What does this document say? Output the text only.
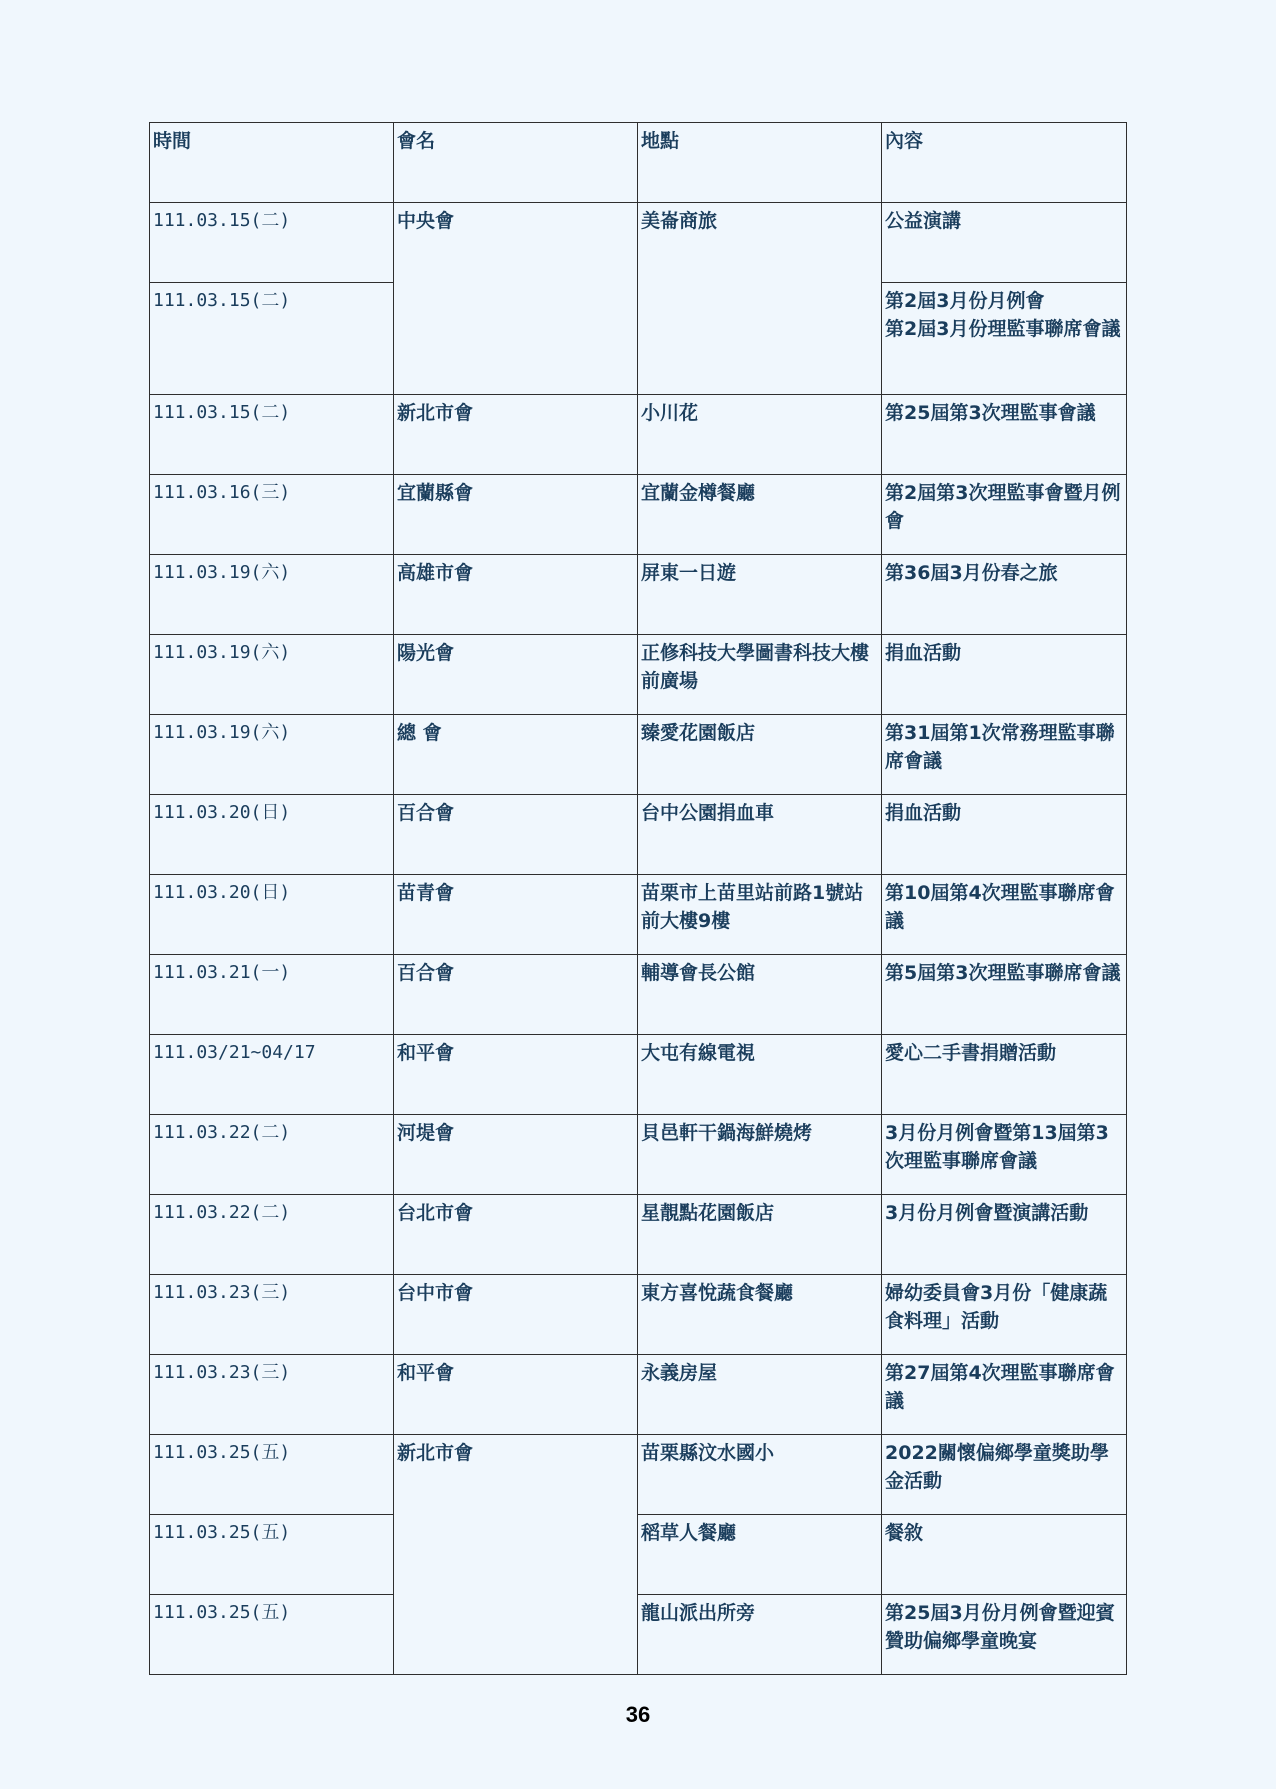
時間	會名	地點	內容
111.03.15(二)	中央會	美崙商旅	公益演講
111.03.15(二)			第2屆3月份月例會
第2屆3月份理監事聯席會議
111.03.15(二)	新北市會	小川花	第25屆第3次理監事會議
111.03.16(三)	宜蘭縣會	宜蘭金樽餐廳	第2屆第3次理監事會暨月例會
111.03.19(六)	高雄市會	屏東一日遊	第36屆3月份春之旅
111.03.19(六)	陽光會	正修科技大學圖書科技大樓前廣場	捐血活動
111.03.19(六)	總 會	臻愛花園飯店	第31屆第1次常務理監事聯席會議
111.03.20(日)	百合會	台中公園捐血車	捐血活動
111.03.20(日)	苗青會	苗栗市上苗里站前路1號站前大樓9樓	第10屆第4次理監事聯席會議
111.03.21(一)	百合會	輔導會長公館	第5屆第3次理監事聯席會議
111.03/21~04/17	和平會	大屯有線電視	愛心二手書捐贈活動
111.03.22(二)	河堤會	貝邑軒干鍋海鮮燒烤	3月份月例會暨第13屆第3次理監事聯席會議
111.03.22(二)	台北市會	星靚點花園飯店	3月份月例會暨演講活動
111.03.23(三)	台中市會	東方喜悅蔬食餐廳	婦幼委員會3月份「健康蔬食料理」活動
111.03.23(三)	和平會	永義房屋	第27屆第4次理監事聯席會議
111.03.25(五)	新北市會	苗栗縣汶水國小	2022關懷偏鄉學童獎助學金活動
111.03.25(五)		稻草人餐廳	餐敘
111.03.25(五)		龍山派出所旁	第25屆3月份月例會暨迎賓贊助偏鄉學童晚宴
36
